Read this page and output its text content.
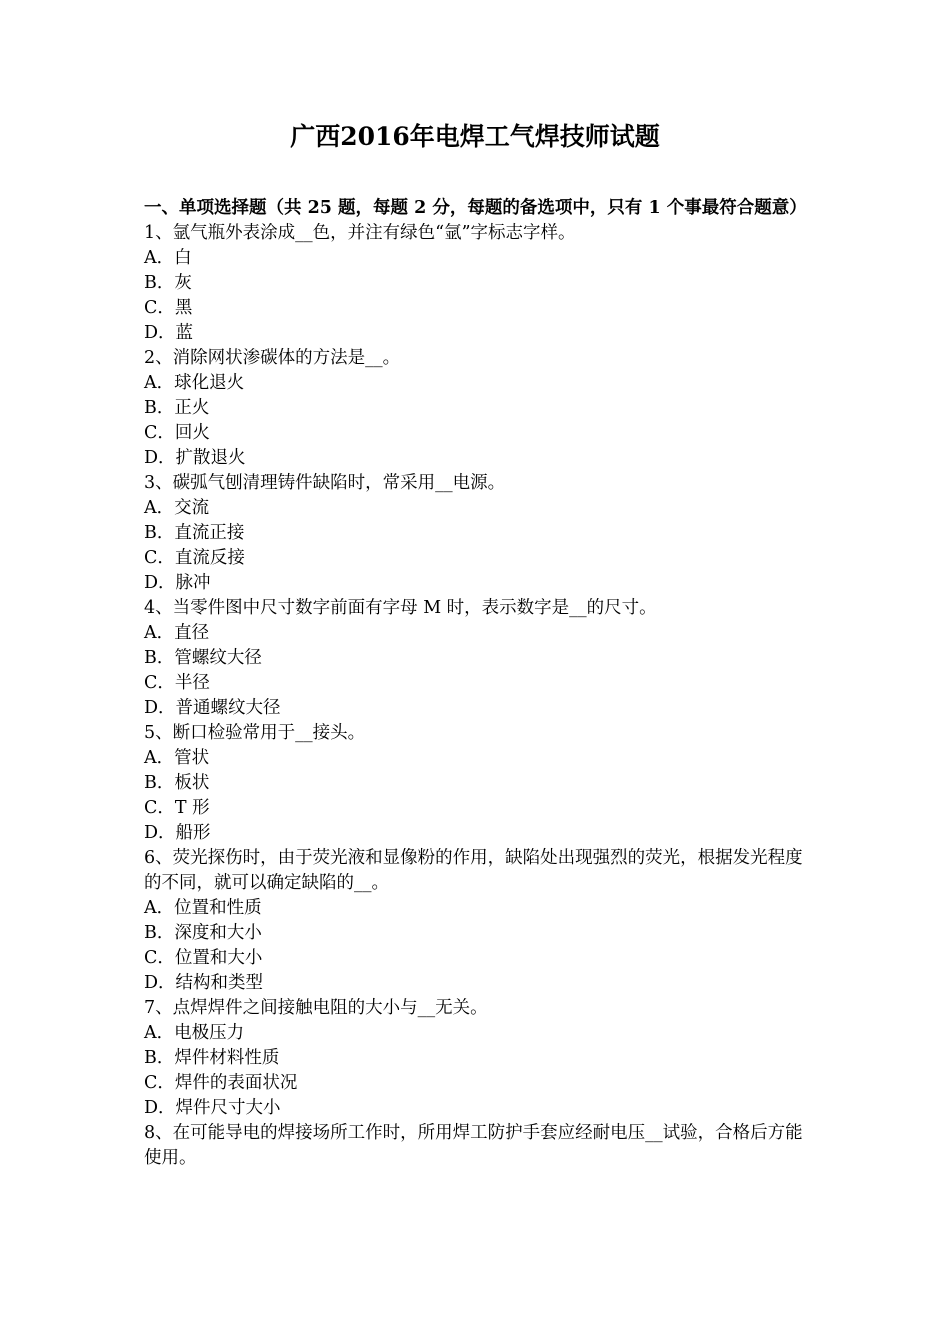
广西2016年电焊工气焊技师试题

一、单项选择题（共 25 题，每题 2 分，每题的备选项中，只有 1 个事最符合题意）

1、氩气瓶外表涂成__色，并注有绿色“氩”字标志字样。

A．白

B．灰

C．黑

D．蓝

2、消除网状渗碳体的方法是__。

A．球化退火

B．正火

C．回火

D．扩散退火

3、碳弧气刨清理铸件缺陷时，常采用__电源。

A．交流

B．直流正接

C．直流反接

D．脉冲

4、当零件图中尺寸数字前面有字母 M 时，表示数字是__的尺寸。

A．直径

B．管螺纹大径

C．半径

D．普通螺纹大径

5、断口检验常用于__接头。

A．管状

B．板状

C．T 形

D．船形

6、荧光探伤时，由于荧光液和显像粉的作用，缺陷处出现强烈的荧光，根据发光程度的不同，就可以确定缺陷的__。

A．位置和性质

B．深度和大小

C．位置和大小

D．结构和类型

7、点焊焊件之间接触电阻的大小与__无关。

A．电极压力

B．焊件材料性质

C．焊件的表面状况

D．焊件尺寸大小

8、在可能导电的焊接场所工作时，所用焊工防护手套应经耐电压__试验，合格后方能使用。
